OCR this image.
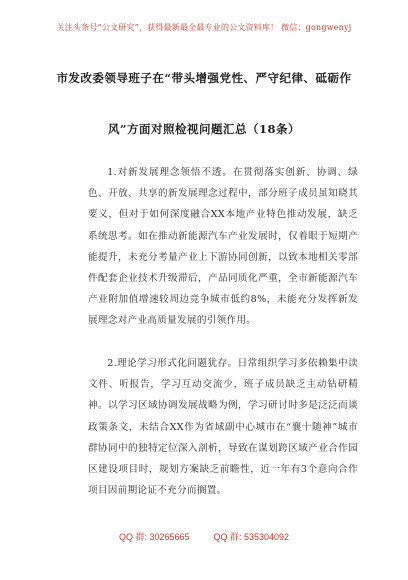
关注头条号“公文研究”，获得最新最全最专业的公文资料库！ 微信：gongwenyj
市发改委领导班子在“带头增强党性、严守纪律、砥砺作
风”方面对照检视问题汇总（18条）

1.对新发展理念领悟不透。在贯彻落实创新、协调、绿色、开放、共享的新发展理念过程中，部分班子成员虽知晓其要义，但对于如何深度融合XX本地产业特色推动发展，缺乏系统思考。如在推动新能源汽车产业发展时，仅着眼于短期产能提升，未充分考量产业上下游协同创新，以致本地相关零部件配套企业技术升级滞后，产品同质化严重，全市新能源汽车产业附加值增速较周边竞争城市低约8%，未能充分发挥新发展理念对产业高质量发展的引领作用。

2.理论学习形式化问题犹存。日常组织学习多依赖集中读文件、听报告，学习互动交流少，班子成员缺乏主动钻研精神。以学习区域协调发展战略为例，学习研讨时多是泛泛而谈政策条文，未结合XX作为省域副中心城市在“襄十随神”城市群协同中的独特定位深入剖析，导致在谋划跨区域产业合作园区建设项目时，规划方案缺乏前瞻性，近一年有3个意向合作项目因前期论证不充分而搁置。

QQ 群: 30265665	QQ 群: 535304092
